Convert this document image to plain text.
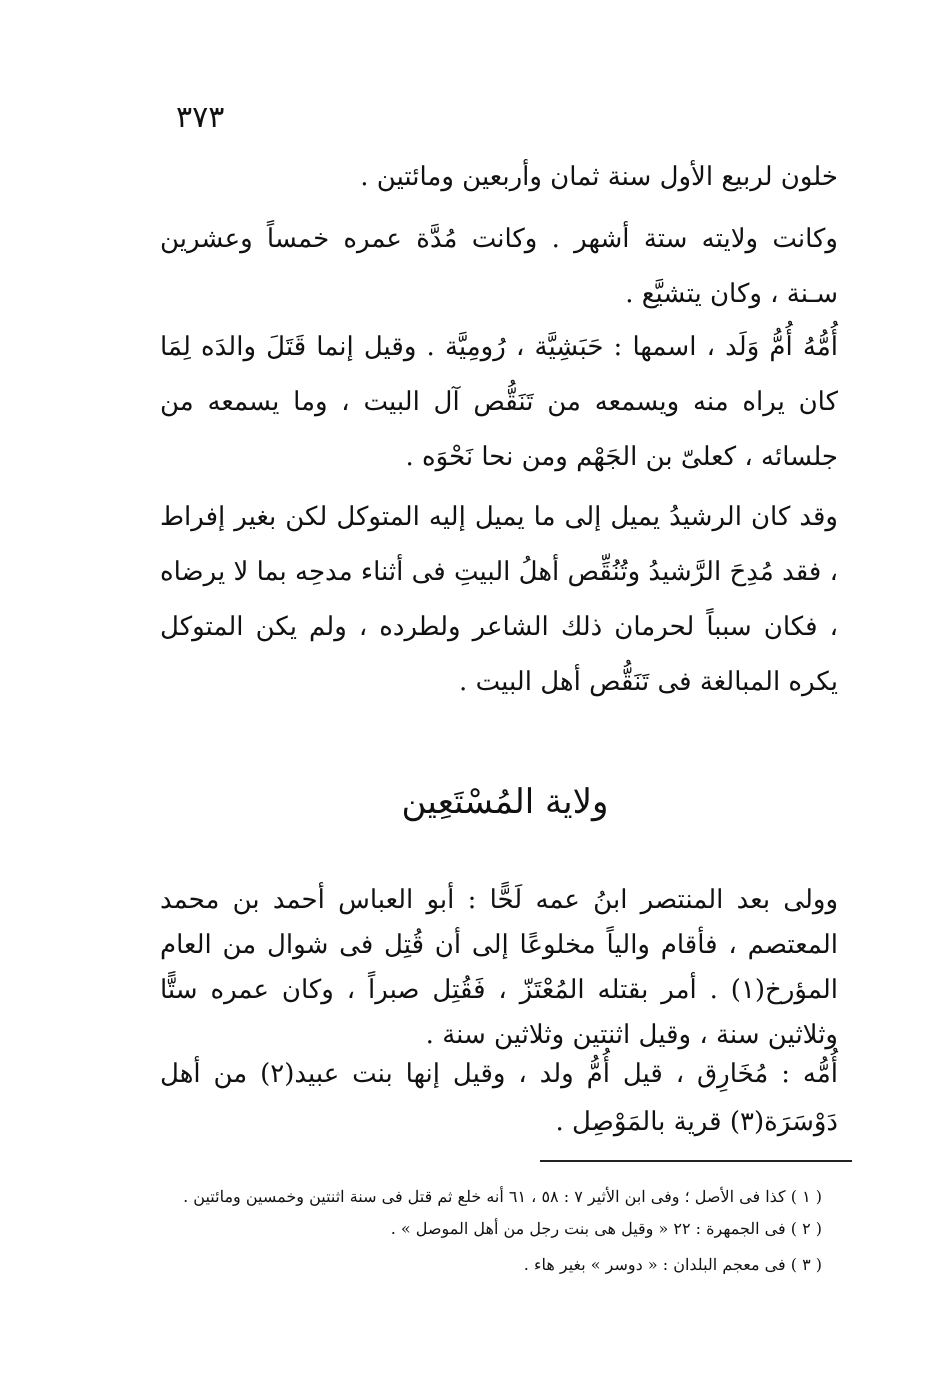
٣٧٣

خلون لربيع الأول سنة ثمان وأربعين ومائتين .

وكانت ولايته ستة أشهر . وكانت مُدَّة عمره خمساً وعشرين سـنة ، وكان يتشيَّع .

أُمُّهُ أُمُّ وَلَد ، اسمها : حَبَشِيَّة ، رُومِيَّة . وقيل إنما قَتَلَ والدَه لِمَا كان يراه منه ويسمعه من تَنَقُّص آل البيت ، وما يسمعه من جلسائه ، كعلىّ بن الجَهْم ومن نحا نَحْوَه .

وقد كان الرشيدُ يميل إلى ما يميل إليه المتوكل لكن بغير إفراط ، فقد مُدِحَ الرَّشيدُ وتُنُقِّص أهلُ البيتِ فى أثناء مدحِه بما لا يرضاه ، فكان سبباً لحرمان ذلك الشاعر ولطرده ، ولم يكن المتوكل يكره المبالغة فى تَنَقُّص أهل البيت .

ولاية المُسْتَعِين

وولى بعد المنتصر ابنُ عمه لَحًّا : أبو العباس أحمد بن محمد المعتصم ، فأقام والياً مخلوعًا إلى أن قُتِل فى شوال من العام المؤرخ(١) . أمر بقتله المُعْتَزّ ، فَقُتِل صبراً ، وكان عمره ستًّا وثلاثين سنة ، وقيل اثنتين وثلاثين سنة .

أُمُّه : مُخَارِق ، قيل أُمُّ ولد ، وقيل إنها بنت عبيد(٢) من أهل دَوْسَرَة(٣) قرية بالمَوْصِل .

( ١ ) كذا فى الأصل ؛ وفى ابن الأثير ٧ : ٥٨ ، ٦١ أنه خلع ثم قتل فى سنة اثنتين وخمسين ومائتين .
( ٢ ) فى الجمهرة : ٢٢ « وقيل هى بنت رجل من أهل الموصل » .
( ٣ ) فى معجم البلدان : « دوسر » بغير هاء .
